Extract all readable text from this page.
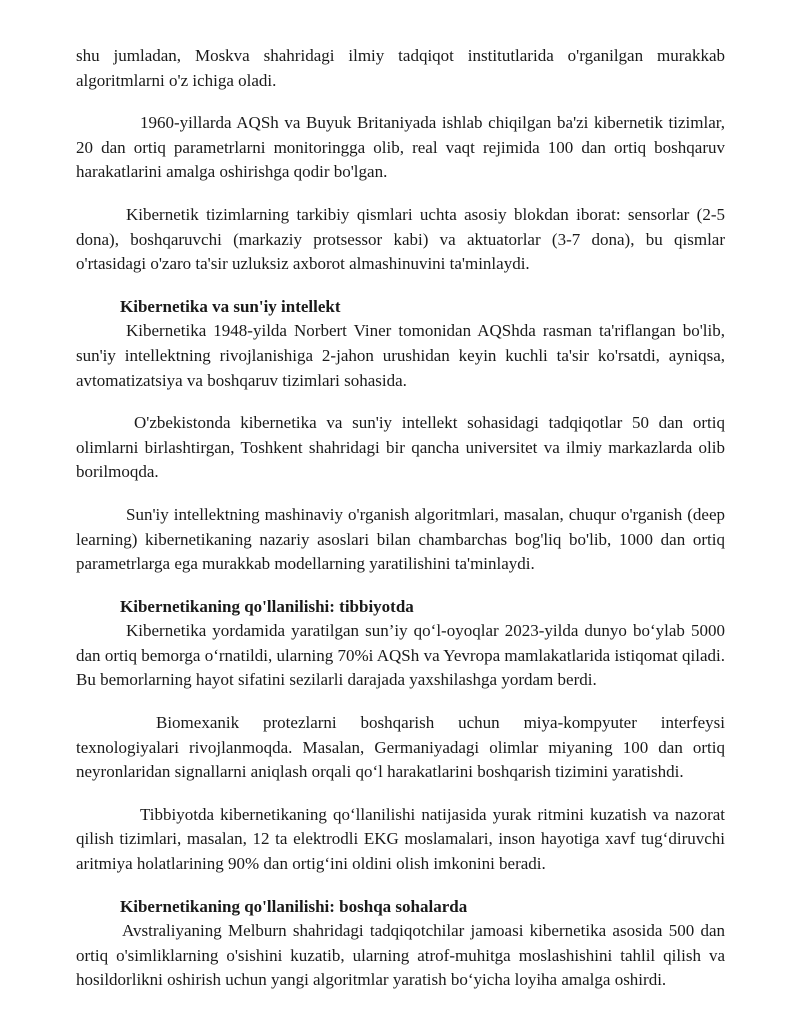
shu jumladan, Moskva shahridagi ilmiy tadqiqot institutlarida o'rganilgan murakkab algoritmlarni o'z ichiga oladi.

1960-yillarda AQSh va Buyuk Britaniyada ishlab chiqilgan ba'zi kibernetik tizimlar, 20 dan ortiq parametrlarni monitoringga olib, real vaqt rejimida 100 dan ortiq boshqaruv harakatlarini amalga oshirishga qodir bo'lgan.

Kibernetik tizimlarning tarkibiy qismlari uchta asosiy blokdan iborat: sensorlar (2-5 dona), boshqaruvchi (markaziy protsessor kabi) va aktuatorlar (3-7 dona), bu qismlar o'rtasidagi o'zaro ta'sir uzluksiz axborot almashinuvini ta'minlaydi.

Kibernetika va sun'iy intellekt

Kibernetika 1948-yilda Norbert Viner tomonidan AQShda rasman ta'riflangan bo'lib, sun'iy intellektning rivojlanishiga 2-jahon urushidan keyin kuchli ta'sir ko'rsatdi, ayniqsa, avtomatizatsiya va boshqaruv tizimlari sohasida.

O'zbekistonda kibernetika va sun'iy intellekt sohasidagi tadqiqotlar 50 dan ortiq olimlarni birlashtirgan, Toshkent shahridagi bir qancha universitet va ilmiy markazlarda olib borilmoqda.

Sun'iy intellektning mashinaviy o'rganish algoritmlari, masalan, chuqur o'rganish (deep learning) kibernetikaning nazariy asoslari bilan chambarchas bog'liq bo'lib, 1000 dan ortiq parametrlarga ega murakkab modellarning yaratilishini ta'minlaydi.

Kibernetikaning qo'llanilishi: tibbiyotda

Kibernetika yordamida yaratilgan sun’iy qo‘l-oyoqlar 2023-yilda dunyo bo‘ylab 5000 dan ortiq bemorga o‘rnatildi, ularning 70%i AQSh va Yevropa mamlakatlarida istiqomat qiladi. Bu bemorlarning hayot sifatini sezilarli darajada yaxshilashga yordam berdi.

Biomexanik protezlarni boshqarish uchun miya-kompyuter interfeysi texnologiyalari rivojlanmoqda. Masalan, Germaniyadagi olimlar miyaning 100 dan ortiq neyronlaridan signallarni aniqlash orqali qo‘l harakatlarini boshqarish tizimini yaratishdi.

Tibbiyotda kibernetikaning qo‘llanilishi natijasida yurak ritmini kuzatish va nazorat qilish tizimlari, masalan, 12 ta elektrodli EKG moslamalari, inson hayotiga xavf tug‘diruvchi aritmiya holatlarining 90% dan ortig‘ini oldini olish imkonini beradi.

Kibernetikaning qo'llanilishi: boshqa sohalarda

Avstraliyaning Melburn shahridagi tadqiqotchilar jamoasi kibernetika asosida 500 dan ortiq o'simliklarning o'sishini kuzatib, ularning atrof-muhitga moslashishini tahlil qilish va hosildorlikni oshirish uchun yangi algoritmlar yaratish bo‘yicha loyiha amalga oshirdi.
